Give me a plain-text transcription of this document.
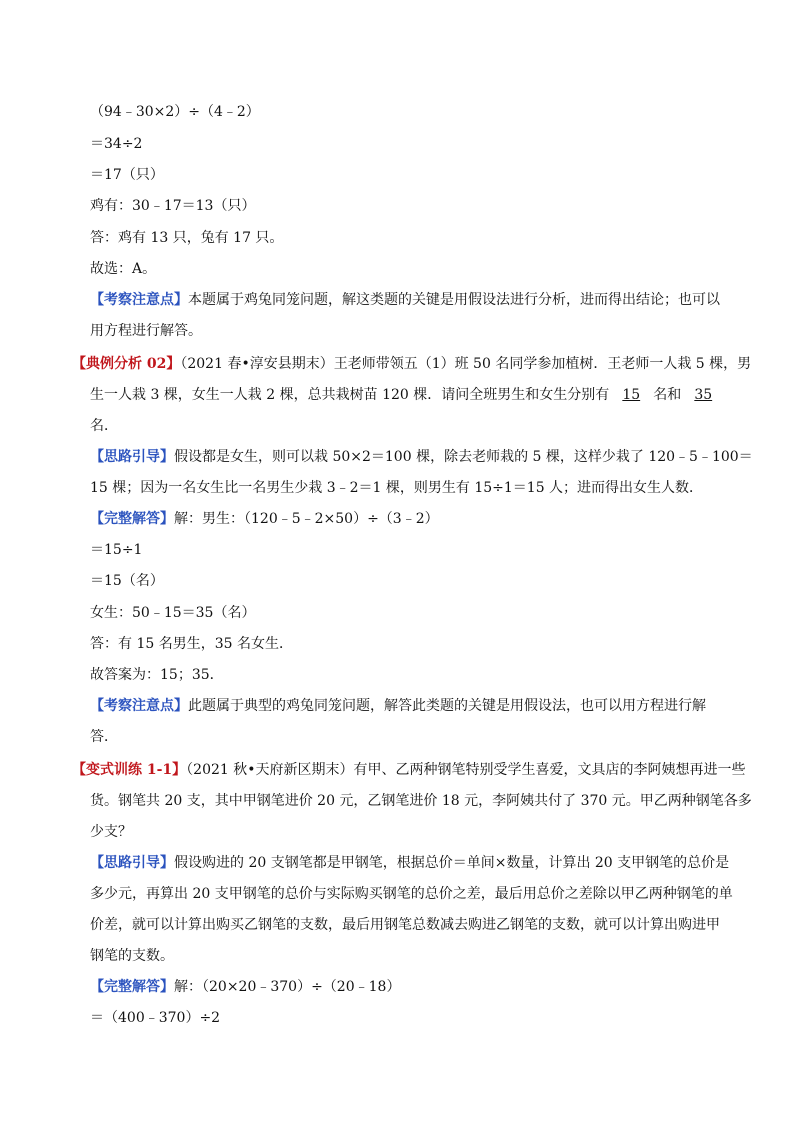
（94﹣30×2）÷（4﹣2）
＝34÷2
＝17（只）
鸡有：30﹣17＝13（只）
答：鸡有 13 只，兔有 17 只。
故选：A。
【考察注意点】本题属于鸡兔同笼问题，解这类题的关键是用假设法进行分析，进而得出结论；也可以
用方程进行解答。
【典例分析 02】（2021 春•淳安县期末）王老师带领五（1）班 50 名同学参加植树．王老师一人栽 5 棵，男
生一人栽 3 棵，女生一人栽 2 棵，总共栽树苗 120 棵．请问全班男生和女生分别有 15 名和 35
名．
【思路引导】假设都是女生，则可以栽 50×2＝100 棵，除去老师栽的 5 棵，这样少栽了 120﹣5﹣100＝
15 棵；因为一名女生比一名男生少栽 3﹣2＝1 棵，则男生有 15÷1＝15 人；进而得出女生人数．
【完整解答】解：男生：（120﹣5﹣2×50）÷（3﹣2）
＝15÷1
＝15（名）
女生：50﹣15＝35（名）
答：有 15 名男生，35 名女生．
故答案为：15；35．
【考察注意点】此题属于典型的鸡兔同笼问题，解答此类题的关键是用假设法，也可以用方程进行解
答．
【变式训练 1-1】（2021 秋•天府新区期末）有甲、乙两种钢笔特别受学生喜爱，文具店的李阿姨想再进一些
货。钢笔共 20 支，其中甲钢笔进价 20 元，乙钢笔进价 18 元，李阿姨共付了 370 元。甲乙两种钢笔各多
少支？
【思路引导】假设购进的 20 支钢笔都是甲钢笔，根据总价＝单间×数量，计算出 20 支甲钢笔的总价是
多少元，再算出 20 支甲钢笔的总价与实际购买钢笔的总价之差，最后用总价之差除以甲乙两种钢笔的单
价差，就可以计算出购买乙钢笔的支数，最后用钢笔总数减去购进乙钢笔的支数，就可以计算出购进甲
钢笔的支数。
【完整解答】解：（20×20﹣370）÷（20﹣18）
＝（400﹣370）÷2
